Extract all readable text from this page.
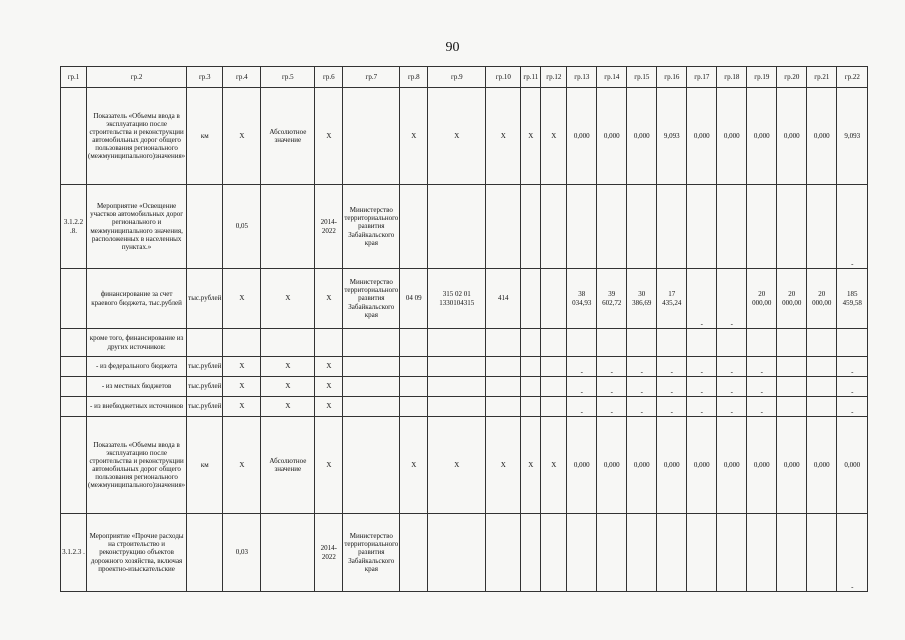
90
гр.1	гр.2	гр.3	гр.4	гр.5	гр.6	гр.7	гр.8	гр.9	гр.10	гр.11	гр.12	гр.13	гр.14	гр.15	гр.16	гр.17	гр.18	гр.19	гр.20	гр.21	гр.22
	Показатель «Объемы ввода в эксплуатацию после строительства и реконструкции автомобильных дорог общего пользования регионального (межмуниципального)значения»	км	X	Абсолютное значение	X		X	X	X	X	X	0,000	0,000	0,000	9,093	0,000	0,000	0,000	0,000	0,000	9,093
3.1.2.2 .8.	Мероприятие «Освещение участков автомобильных дорог регионального и межмуниципального значения, расположенных в населенных пунктах.»		0,05		2014- 2022	Министерство территориального развития Забайкальского края															-
	финансирование за счет краевого бюджета, тыс.рублей	тыс.рублей	X	X	X	Министерство территориального развития Забайкальского края	04 09	315 02 01 1330104315	414			38 034,93	39 602,72	30 386,69	17 435,24	-	-	20 000,00	20 000,00	20 000,00	185 459,58
	кроме того, финансирование из других источников:																				
	- из федерального бюджета	тыс.рублей	X	X	X							-	-	-	-	-	-	-			-
	- из местных бюджетов	тыс.рублей	X	X	X							-	-	-	-	-	-	-			-
	- из внебюджетных источников	тыс.рублей	X	X	X							-	-	-	-	-	-	-			-
	Показатель «Объемы ввода в эксплуатацию после строительства и реконструкции автомобильных дорог общего пользования регионального (межмуниципального)значения»	км	X	Абсолютное значение	X		X	X	X	X	X	0,000	0,000	0,000	0,000	0,000	0,000	0,000	0,000	0,000	0,000
3.1.2.3 .	Мероприятие «Прочие расходы на строительство и реконструкцию объектов дорожного хозяйства, включая проектно-изыскательские		0,03		2014- 2022	Министерство территориального развития Забайкальского края															-
